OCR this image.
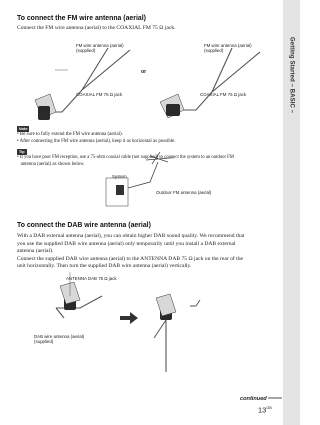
Getting Started – BASIC –
To connect the FM wire antenna (aerial)
Connect the FM wire antenna (aerial) to the COAXIAL FM 75 Ω jack.
FM wire antenna (aerial)
(supplied)
COAXIAL FM 75 Ω jack
or
FM wire antenna (aerial)
(supplied)
COAXIAL FM 75 Ω jack
Note
• Be sure to fully extend the FM wire antenna (aerial).
• After connecting the FM wire antenna (aerial), keep it as horizontal as possible.
Tip
• If you have poor FM reception, use a 75-ohm coaxial cable (not supplied) to connect the system to an outdoor FM
antenna (aerial) as shown below.
System
Outdoor FM antenna (aerial)
To connect the DAB wire antenna (aerial)
With a DAB external antenna (aerial), you can obtain higher DAB sound quality. We recommend that
you use the supplied DAB wire antenna (aerial) only temporarily until you install a DAB external
antenna (aerial).
Connect the supplied DAB wire antenna (aerial) to the ANTENNA DAB 75 Ω jack on the rear of the
unit horizontally. Then turn the supplied DAB wire antenna (aerial) vertically.
ANTENNA DAB 75 Ω jack
DAB wire antenna (aerial)
(supplied)
continued
$13^{GB}$
